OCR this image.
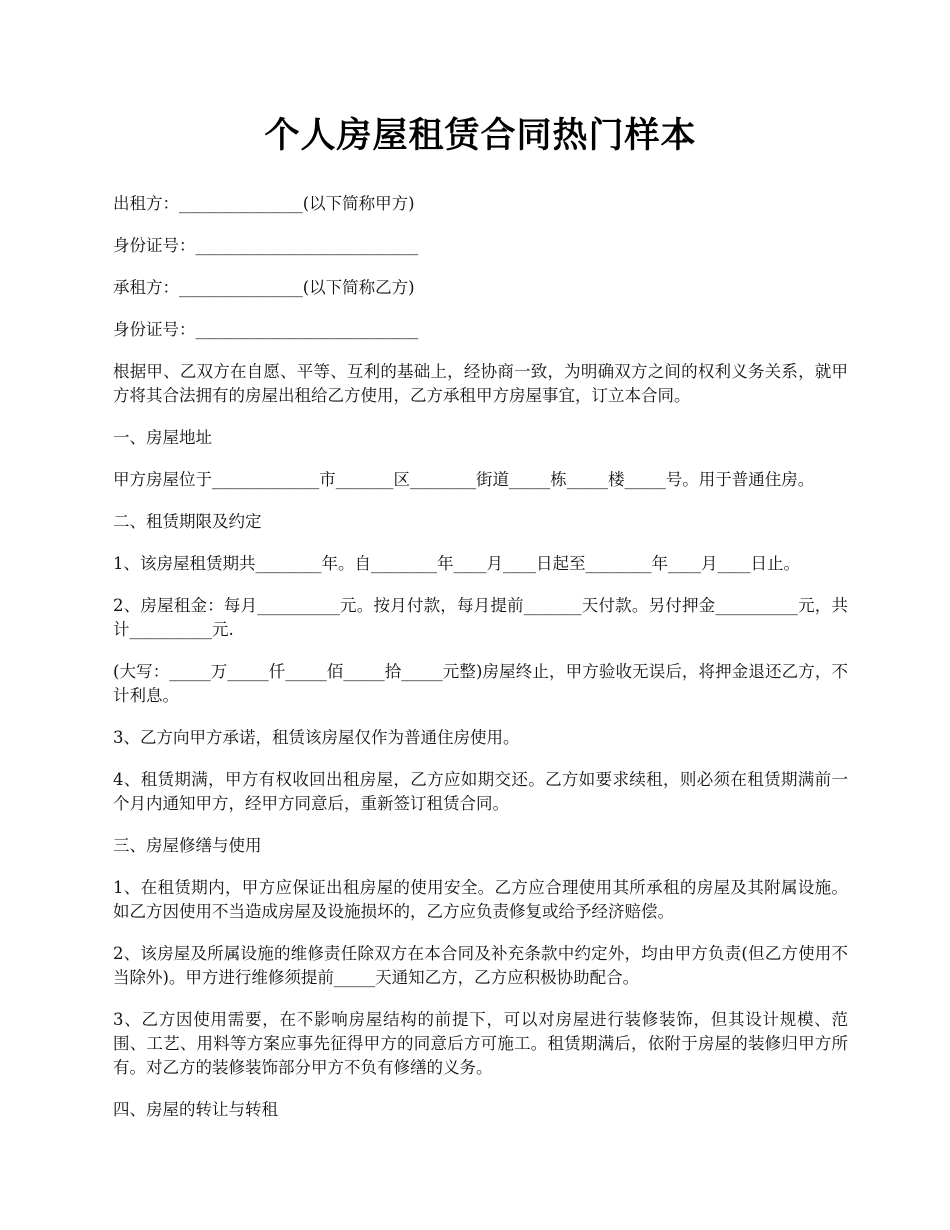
个人房屋租赁合同热门样本

出租方：_______________(以下简称甲方)

身份证号：___________________________

承租方：_______________(以下简称乙方)

身份证号：___________________________

根据甲、乙双方在自愿、平等、互利的基础上，经协商一致，为明确双方之间的权利义务关系，就甲方将其合法拥有的房屋出租给乙方使用，乙方承租甲方房屋事宜，订立本合同。

一、房屋地址

甲方房屋位于_____________市_______区________街道_____栋_____楼_____号。用于普通住房。

二、租赁期限及约定

1、该房屋租赁期共________年。自________年____月____日起至________年____月____日止。

2、房屋租金：每月__________元。按月付款，每月提前_______天付款。另付押金__________元，共计__________元.

(大写：_____万_____仟_____佰_____拾_____元整)房屋终止，甲方验收无误后，将押金退还乙方，不计利息。

3、乙方向甲方承诺，租赁该房屋仅作为普通住房使用。

4、租赁期满，甲方有权收回出租房屋，乙方应如期交还。乙方如要求续租，则必须在租赁期满前一个月内通知甲方，经甲方同意后，重新签订租赁合同。

三、房屋修缮与使用

1、在租赁期内，甲方应保证出租房屋的使用安全。乙方应合理使用其所承租的房屋及其附属设施。如乙方因使用不当造成房屋及设施损坏的，乙方应负责修复或给予经济赔偿。

2、该房屋及所属设施的维修责任除双方在本合同及补充条款中约定外，均由甲方负责(但乙方使用不当除外)。甲方进行维修须提前_____天通知乙方，乙方应积极协助配合。

3、乙方因使用需要，在不影响房屋结构的前提下，可以对房屋进行装修装饰，但其设计规模、范围、工艺、用料等方案应事先征得甲方的同意后方可施工。租赁期满后，依附于房屋的装修归甲方所有。对乙方的装修装饰部分甲方不负有修缮的义务。

四、房屋的转让与转租
